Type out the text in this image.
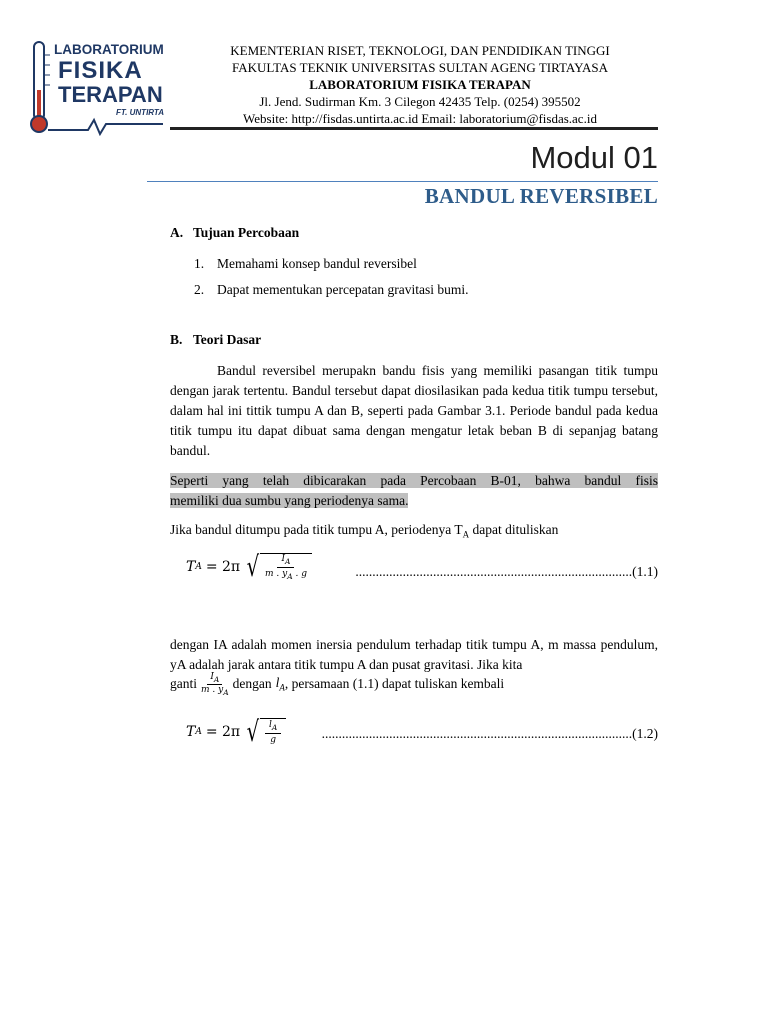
LABORATORIUM
FISIKA
TERAPAN
FT. UNTIRTA
KEMENTERIAN RISET, TEKNOLOGI, DAN PENDIDIKAN TINGGI
FAKULTAS TEKNIK UNIVERSITAS SULTAN AGENG TIRTAYASA
LABORATORIUM FISIKA TERAPAN
Jl. Jend. Sudirman Km. 3 Cilegon 42435 Telp. (0254) 395502
Website: http://fisdas.untirta.ac.id Email: laboratorium@fisdas.ac.id
Modul 01
BANDUL REVERSIBEL
A. Tujuan Percobaan
1. Memahami konsep bandul reversibel
2. Dapat mementukan percepatan gravitasi bumi.
B. Teori Dasar
Bandul reversibel merupakn bandu fisis yang memiliki pasangan titik tumpu dengan jarak tertentu. Bandul tersebut dapat diosilasikan pada kedua titik tumpu tersebut, dalam hal ini tittik tumpu A dan B, seperti pada Gambar 3.1. Periode bandul pada kedua titik tumpu itu dapat dibuat sama dengan mengatur letak beban B di sepanjag batang bandul.
Seperti yang telah dibicarakan pada Percobaan B-01, bahwa bandul fisis
memiliki dua sumbu yang periodenya sama.
Jika bandul ditumpu pada titik tumpu A, periodenya $T_A$ dapat dituliskan
T A = 2π √ $\frac{I_A}{m . y_A . g}$	..................................................................................(1.1)
dengan IA adalah momen inersia pendulum terhadap titik tumpu A, m massa pendulum, yA adalah jarak antara titik tumpu A dan pusat gravitasi. Jika kita
ganti	$I_A$
m . $y_A$
dengan $l_A$ , persamaan (1.1) dapat tuliskan kembali
T A = 2π √ $\frac{l_A}{g}$	............................................................................................(1.2)
